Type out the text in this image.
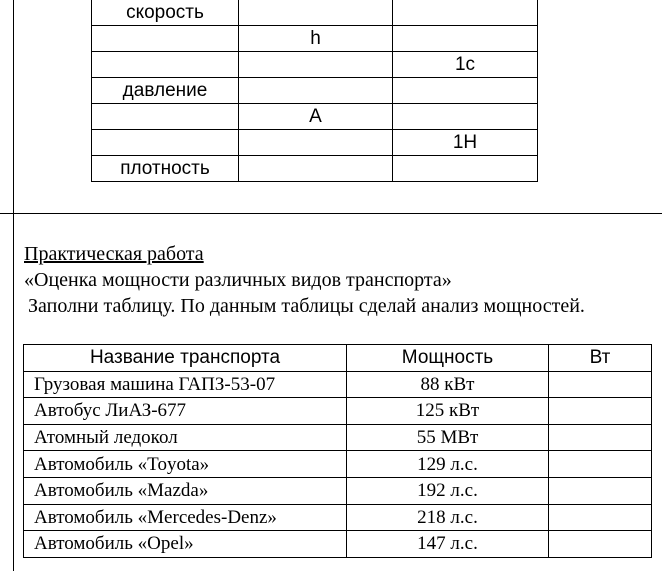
скорость		
	h	
		1с
давление		
	А	
		1Н
плотность		
Практическая работа
«Оценка мощности различных видов транспорта»
Заполни таблицу. По данным таблицы сделай анализ мощностей.
Название транспорта	Мощность	Вт
Грузовая машина ГАПЗ-53-07	88 кВт	
Автобус ЛиАЗ-677	125 кВт	
Атомный ледокол	55 МВт	
Автомобиль «Toyota»	129 л.с.	
Автомобиль «Mazda»	192 л.с.	
Автомобиль «Mercedes-Denz»	218 л.с.	
Автомобиль «Opel»	147 л.с.	
